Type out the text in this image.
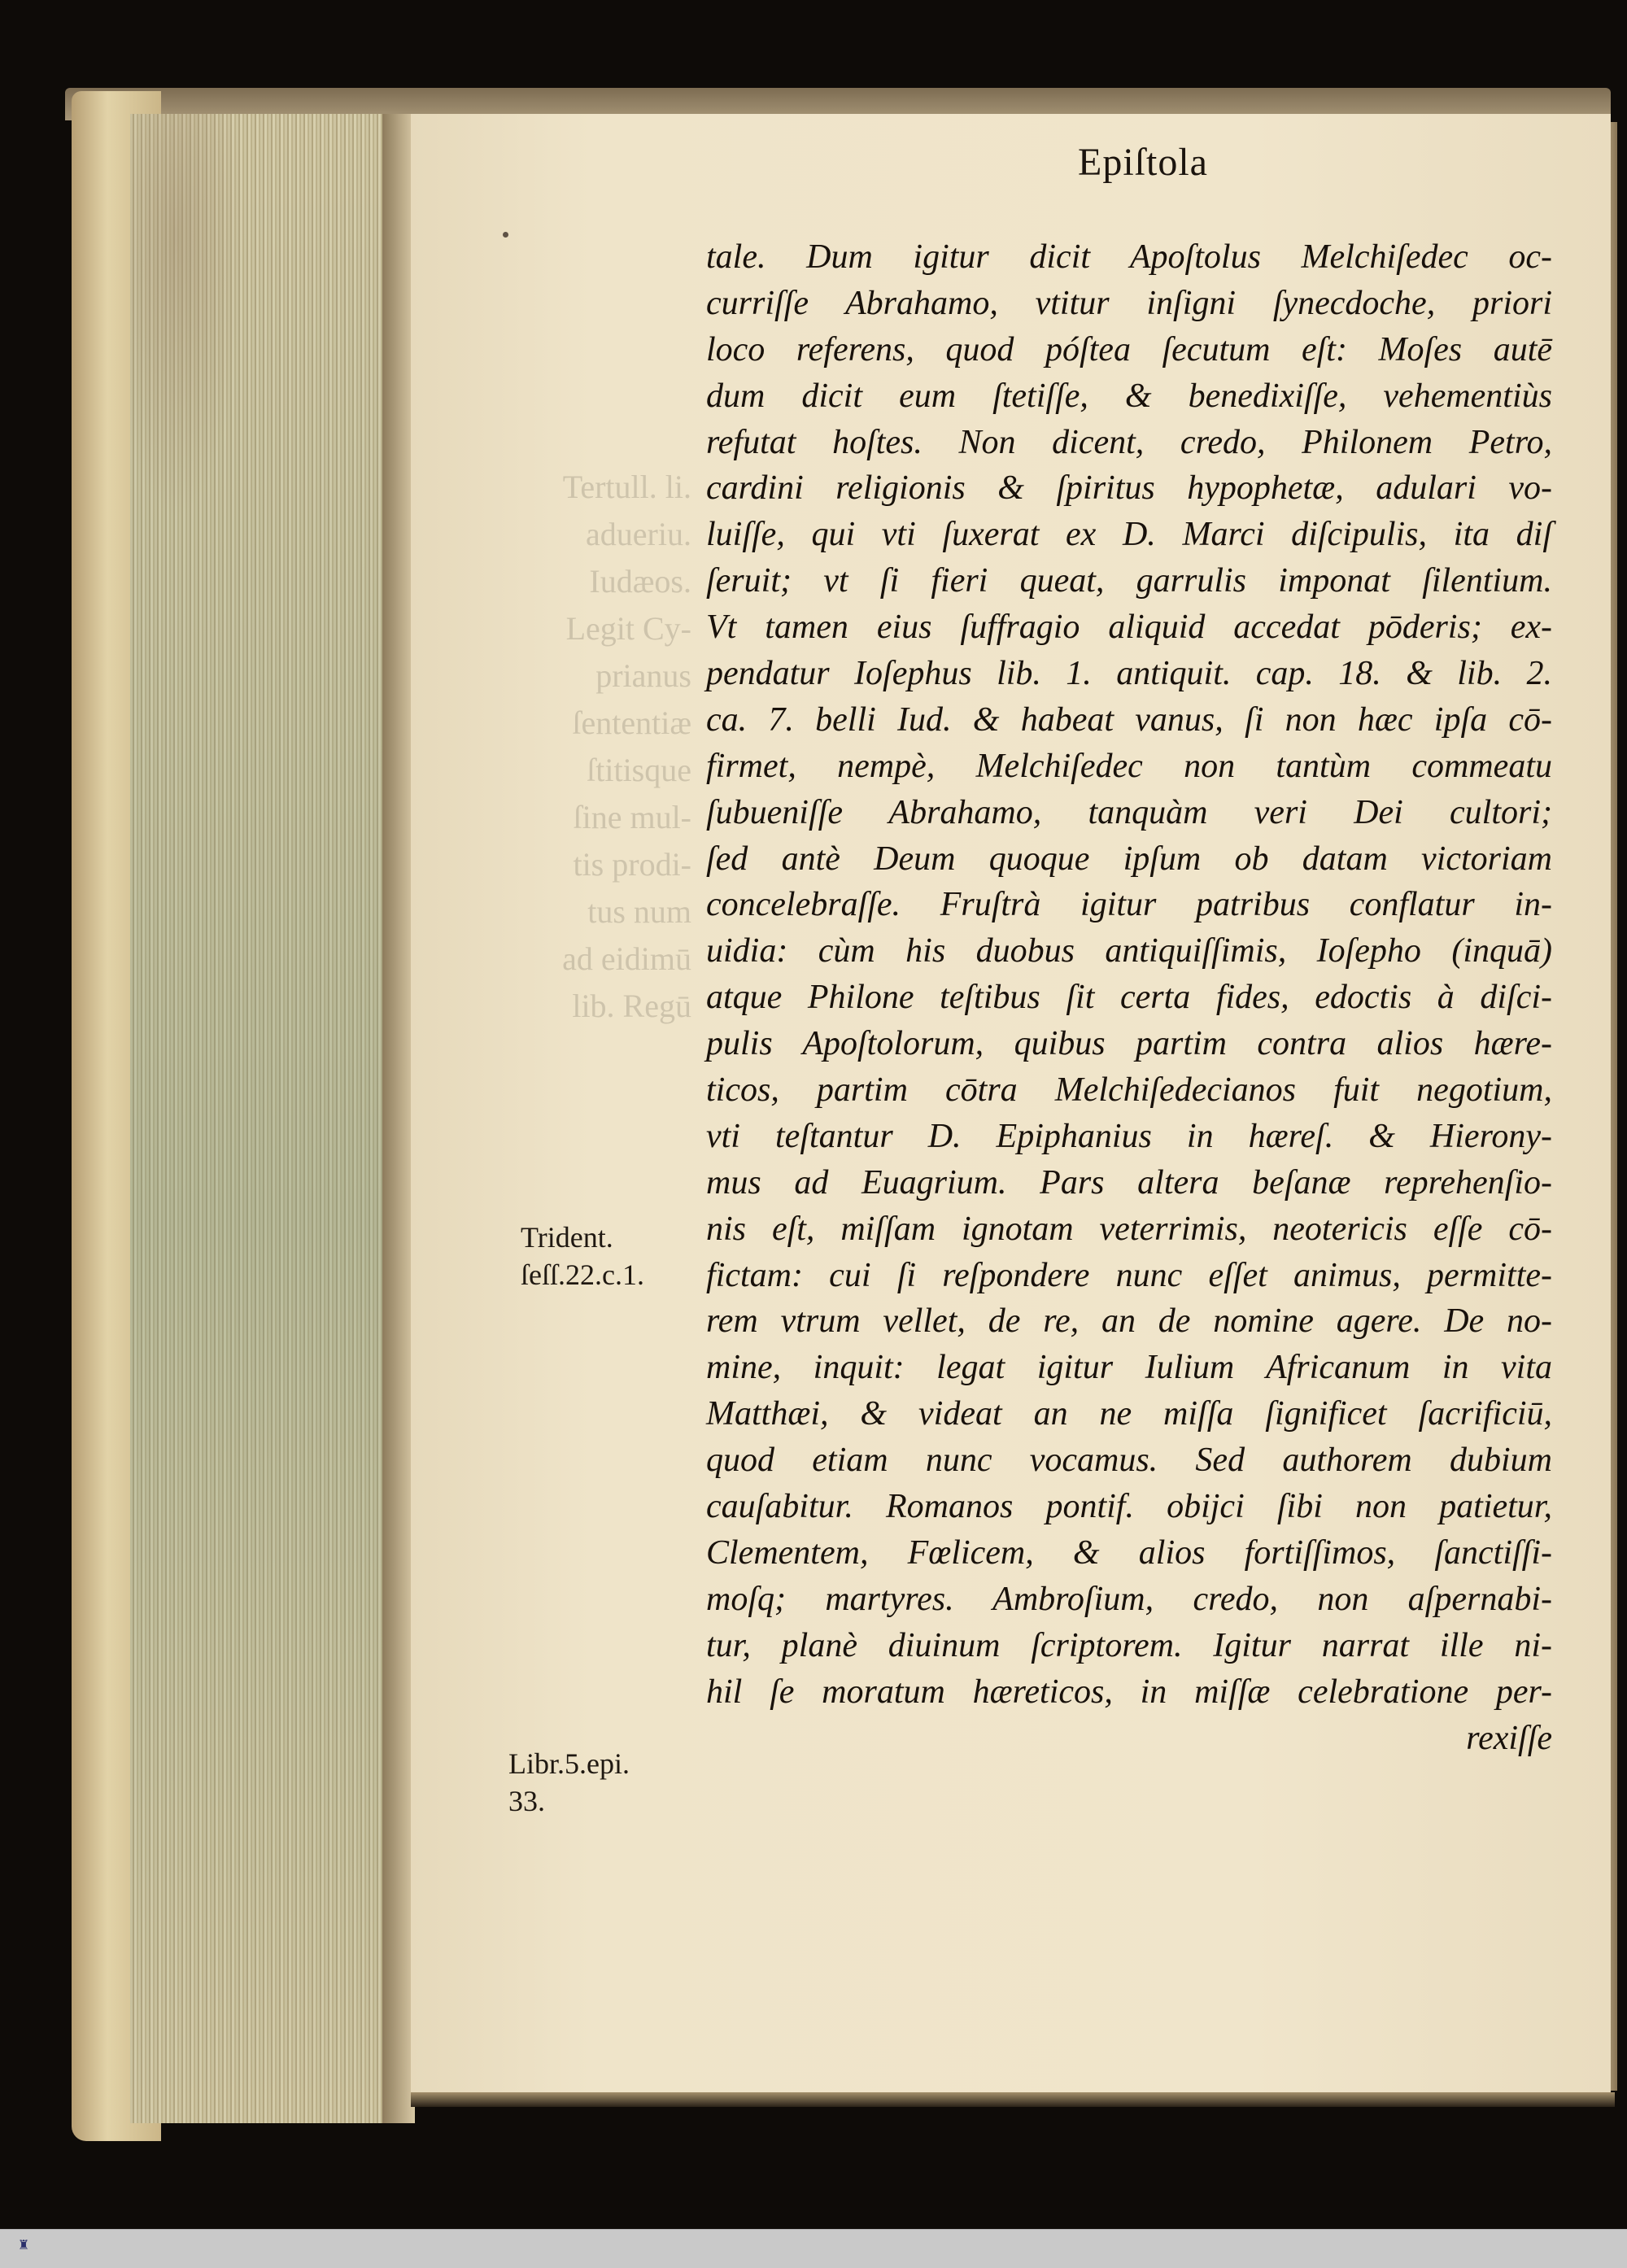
Tertull. li.
adueriu.
Iudæos.
Legit Cy-
prianus
ſententiæ
ſtitisque
ſine mul-
tis prodi-
tus num
ad eidimū
lib. Regū
Epiſtola
tale. Dum igitur dicit Apoſtolus Melchiſedec oc-
curriſſe Abrahamo, vtitur inſigni ſynecdoche, priori
loco referens, quod póſtea ſecutum eſt: Moſes autē
dum dicit eum ſtetiſſe, & benedixiſſe, vehementiùs
refutat hoſtes. Non dicent, credo, Philonem Petro,
cardini religionis & ſpiritus hypophetæ, adulari vo-
luiſſe, qui vti ſuxerat ex D. Marci diſcipulis, ita diſ
ſeruit; vt ſi fieri queat, garrulis imponat ſilentium.
Vt tamen eius ſuffragio aliquid accedat pōderis; ex-
pendatur Ioſephus lib. 1. antiquit. cap. 18. & lib. 2.
ca. 7. belli Iud. & habeat vanus, ſi non hæc ipſa cō-
firmet, nempè, Melchiſedec non tantùm commeatu
ſubueniſſe Abrahamo, tanquàm veri Dei cultori;
ſed antè Deum quoque ipſum ob datam victoriam
concelebraſſe. Fruſtrà igitur patribus conflatur in-
uidia: cùm his duobus antiquiſſimis, Ioſepho (inquā)
atque Philone teſtibus ſit certa fides, edoctis à diſci-
pulis Apoſtolorum, quibus partim contra alios hære-
ticos, partim cōtra Melchiſedecianos fuit negotium,
vti teſtantur D. Epiphanius in hæreſ. & Hierony-
mus ad Euagrium. Pars altera beſanæ reprehenſio-
nis eſt, miſſam ignotam veterrimis, neotericis eſſe cō-
fictam: cui ſi reſpondere nunc eſſet animus, permitte-
rem vtrum vellet, de re, an de nomine agere. De no-
mine, inquit: legat igitur Iulium Africanum in vita
Matthæi, & videat an ne miſſa ſignificet ſacrificiū,
quod etiam nunc vocamus. Sed authorem dubium
cauſabitur. Romanos pontif. obijci ſibi non patietur,
Clementem, Fœlicem, & alios fortiſſimos, ſanctiſſi-
moſq; martyres. Ambroſium, credo, non aſpernabi-
tur, planè diuinum ſcriptorem. Igitur narrat ille ni-
hil ſe moratum hæreticos, in miſſæ celebratione per-
rexiſſe
Trident.
ſeſſ.22.c.1.
Libr.5.epi.
33.
♜
